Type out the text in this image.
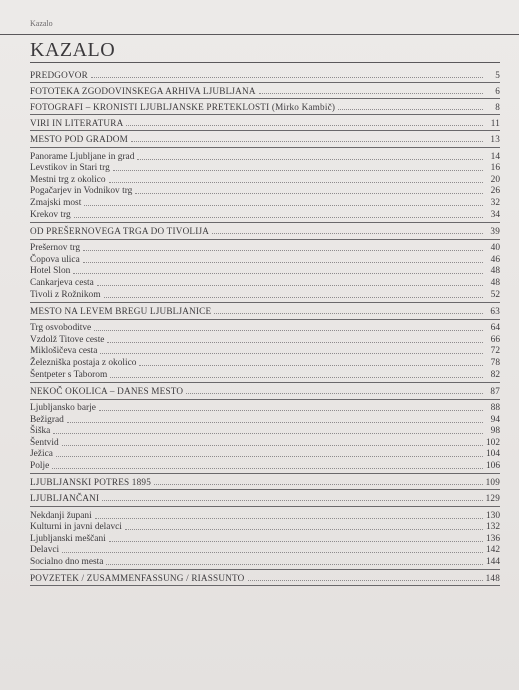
Kazalo
KAZALO
PREDGOVOR	5
FOTOTEKA ZGODOVINSKEGA ARHIVA LJUBLJANA	6
FOTOGRAFI – KRONISTI LJUBLJANSKE PRETEKLOSTI (Mirko Kambič)	8
VIRI IN LITERATURA	11
MESTO POD GRADOM	13
Panorame Ljubljane in grad	14
Levstikov in Stari trg	16
Mestni trg z okolico	20
Pogačarjev in Vodnikov trg	26
Zmajski most	32
Krekov trg	34
OD PREŠERNOVEGA TRGA DO TIVOLIJA	39
Prešernov trg	40
Čopova ulica	46
Hotel Slon	48
Cankarjeva cesta	48
Tivoli z Rožnikom	52
MESTO NA LEVEM BREGU LJUBLJANICE	63
Trg osvoboditve	64
Vzdolž Titove ceste	66
Miklošičeva cesta	72
Železniška postaja z okolico	78
Šentpeter s Taborom	82
NEKOČ OKOLICA – DANES MESTO	87
Ljubljansko barje	88
Bežigrad	94
Šiška	98
Šentvid	102
Ježica	104
Polje	106
LJUBLJANSKI POTRES 1895	109
LJUBLJANČANI	129
Nekdanji župani	130
Kulturni in javni delavci	132
Ljubljanski meščani	136
Delavci	142
Socialno dno mesta	144
POVZETEK / ZUSAMMENFASSUNG / RIASSUNTO	148
